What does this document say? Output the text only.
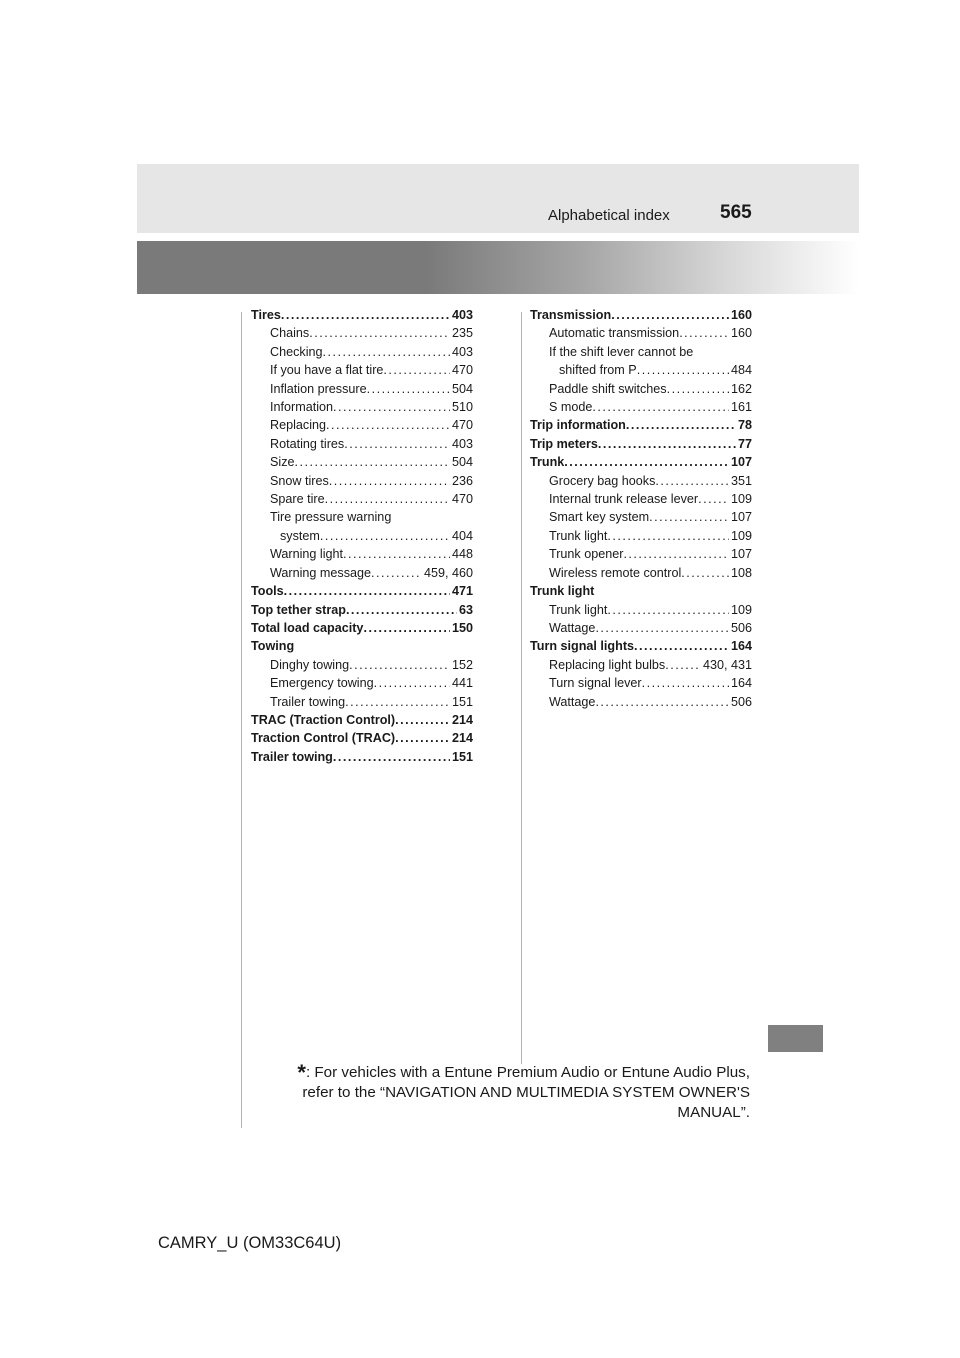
Alphabetical index	565
Tires . . .	403
Chains . . .	235
Checking . . .	403
If you have a flat tire . . .	470
Inflation pressure . . .	504
Information . . .	510
Replacing . . .	470
Rotating tires . . .	403
Size . . .	504
Snow tires . . .	236
Spare tire . . .	470
Tire pressure warning
system . . .	404
Warning light . . .	448
Warning message . . .	459, 460
Tools . . .	471
Top tether strap . . .	63
Total load capacity . . .	150
Towing
Dinghy towing . . .	152
Emergency towing . . .	441
Trailer towing . . .	151
TRAC (Traction Control) . . .	214
Traction Control (TRAC) . . .	214
Trailer towing . . .	151
Transmission . . .	160
Automatic transmission . . .	160
If the shift lever cannot be
shifted from P . . .	484
Paddle shift switches . . .	162
S mode . . .	161
Trip information . . .	78
Trip meters . . .	77
Trunk . . .	107
Grocery bag hooks . . .	351
Internal trunk release lever . . .	109
Smart key system . . .	107
Trunk light . . .	109
Trunk opener . . .	107
Wireless remote control . . .	108
Trunk light
Trunk light . . .	109
Wattage . . .	506
Turn signal lights . . .	164
Replacing light bulbs . . .	430, 431
Turn signal lever . . .	164
Wattage . . .	506
*: For vehicles with a Entune Premium Audio or Entune Audio Plus,
refer to the “NAVIGATION AND MULTIMEDIA SYSTEM OWNER'S
MANUAL”.
CAMRY_U (OM33C64U)
